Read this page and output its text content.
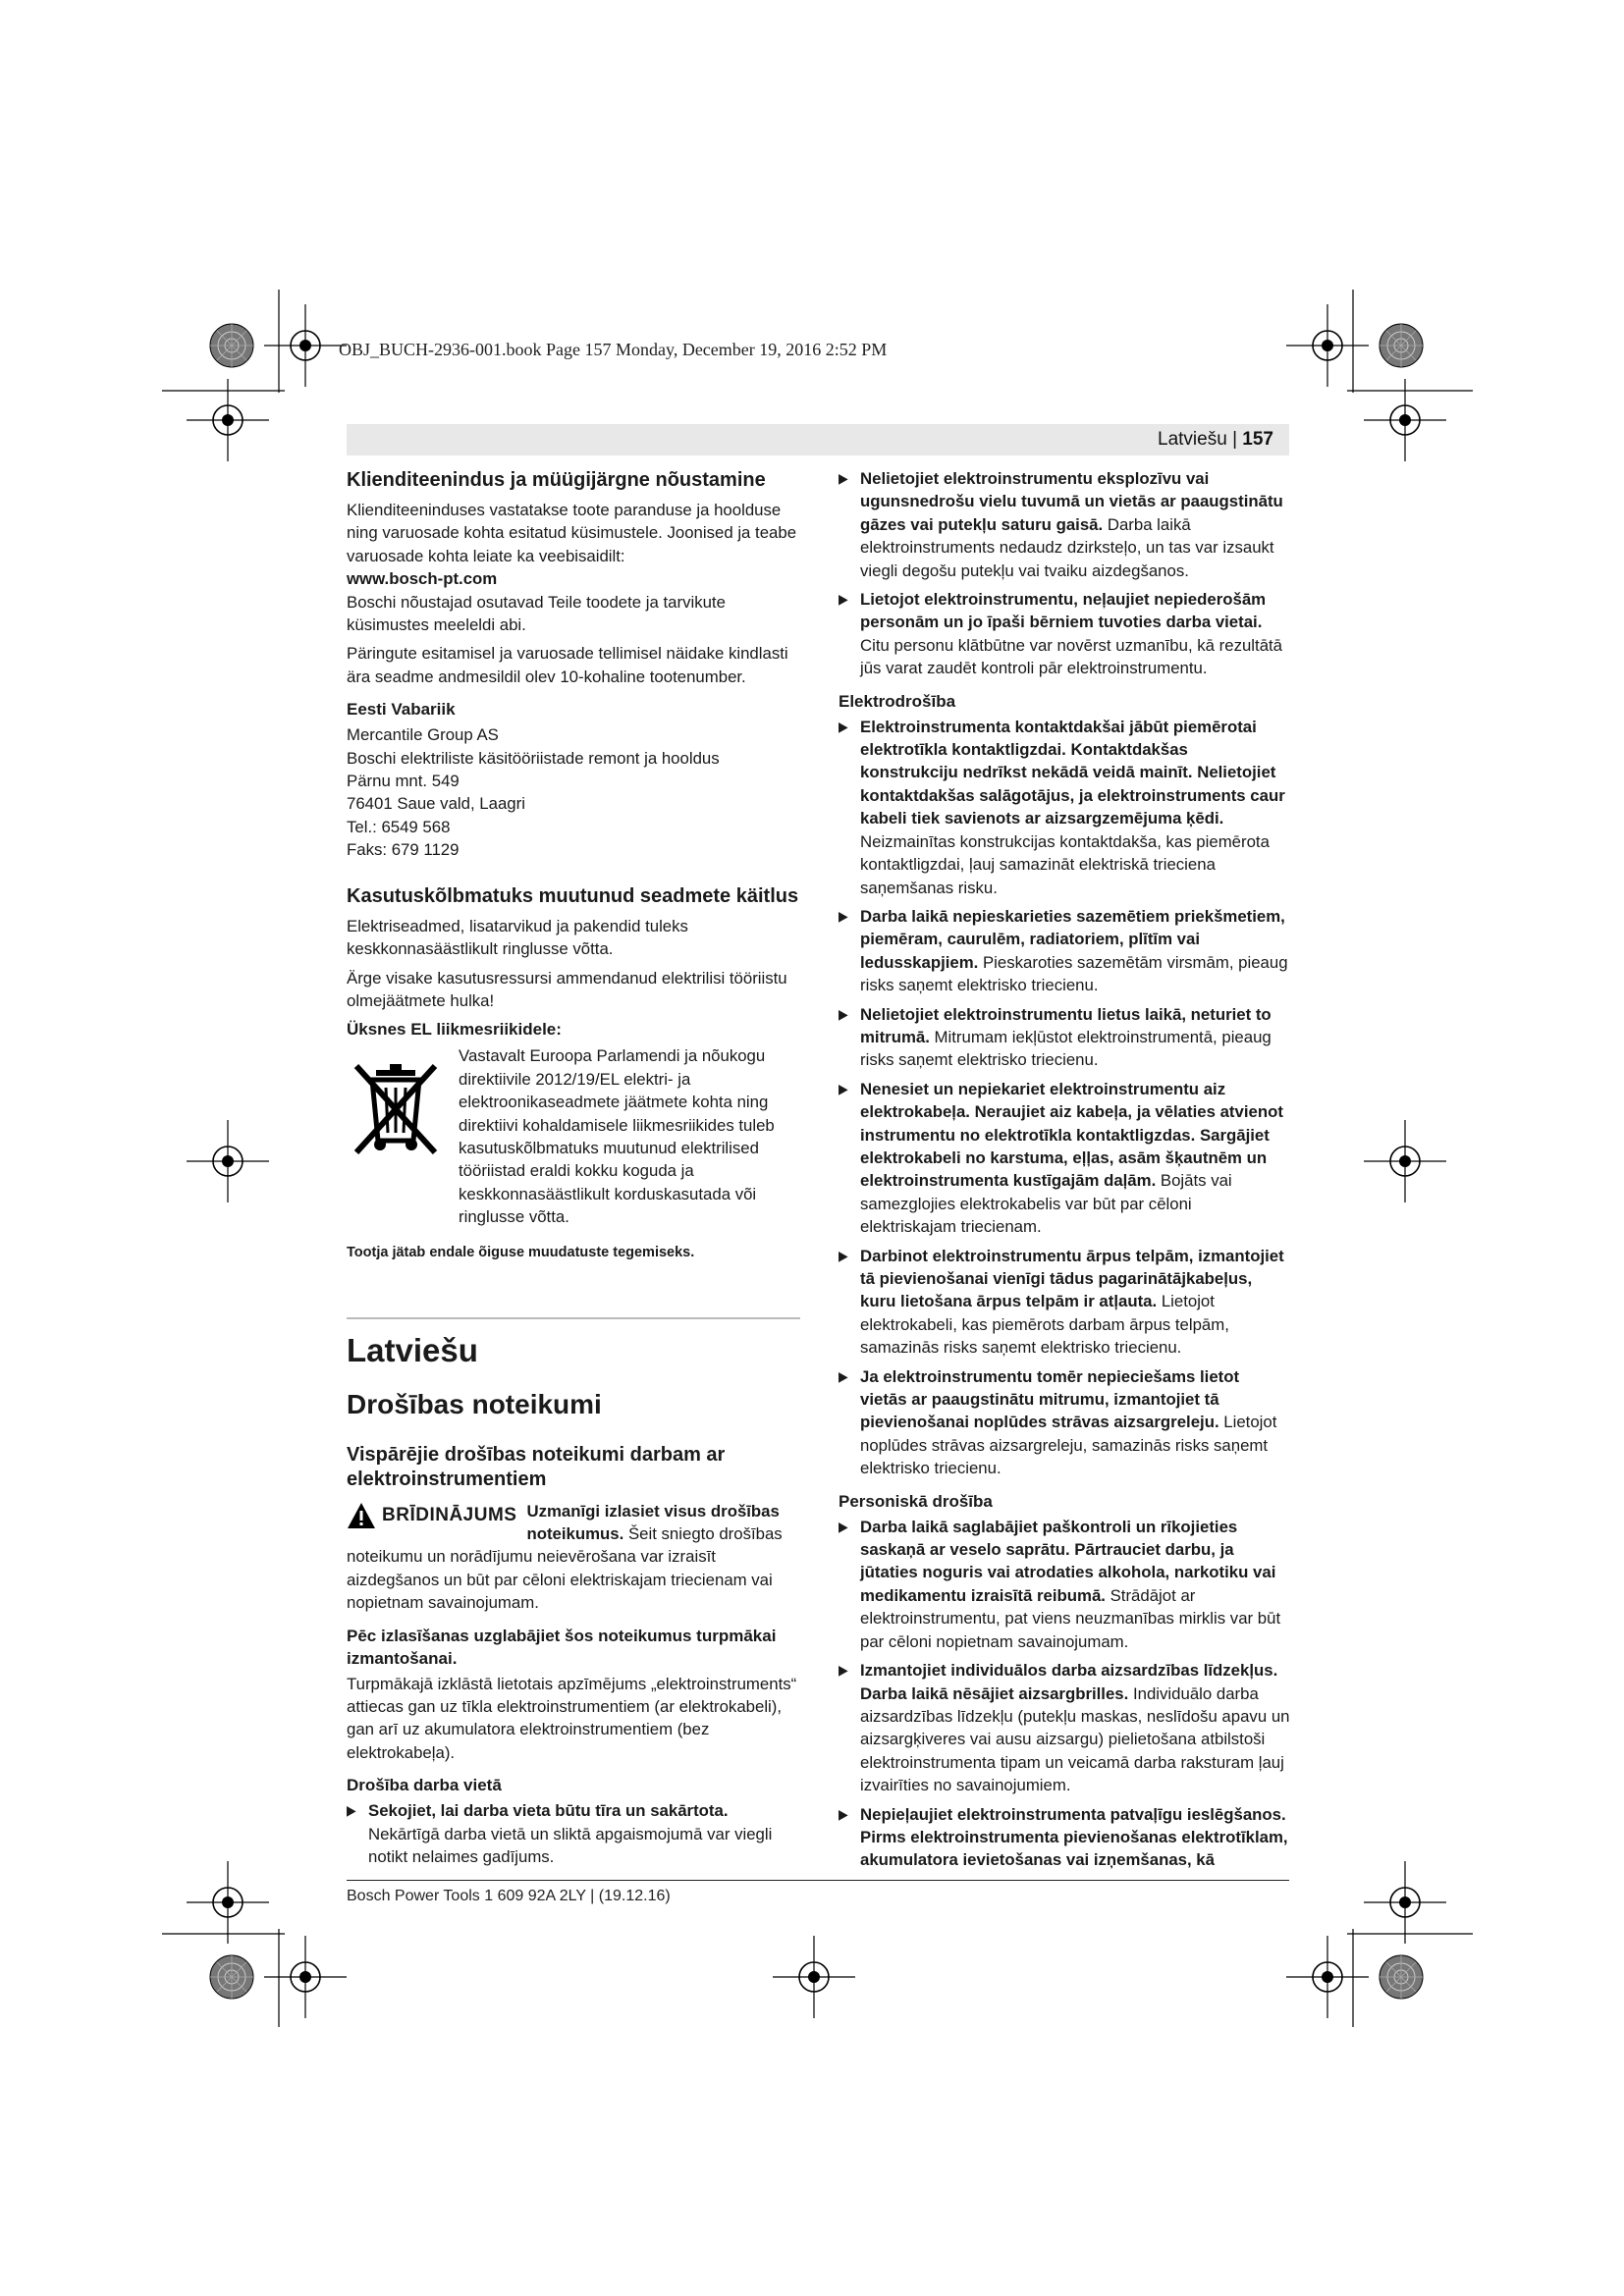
OBJ_BUCH-2936-001.book Page 157 Monday, December 19, 2016 2:52 PM
Latviešu | 157
Klienditeenindus ja müügijärgne nõustamine
Klienditeeninduses vastatakse toote paranduse ja hoolduse ning varuosade kohta esitatud küsimustele. Joonised ja teabe varuosade kohta leiate ka veebisaidilt:
www.bosch-pt.com
Boschi nõustajad osutavad Teile toodete ja tarvikute küsimustes meeleldi abi.
Päringute esitamisel ja varuosade tellimisel näidake kindlasti ära seadme andmesildil olev 10-kohaline tootenumber.
Eesti Vabariik
Mercantile Group AS
Boschi elektriliste käsitööriistade remont ja hooldus
Pärnu mnt. 549
76401 Saue vald, Laagri
Tel.: 6549 568
Faks: 679 1129
Kasutuskõlbmatuks muutunud seadmete käitlus
Elektriseadmed, lisatarvikud ja pakendid tuleks keskkonnasäästlikult ringlusse võtta.
Ärge visake kasutusressursi ammendanud elektrilisi tööriistu olmejäätmete hulka!
Üksnes EL liikmesriikidele:
Vastavalt Euroopa Parlamendi ja nõukogu direktiivile 2012/19/EL elektri- ja elektroonikaseadmete jäätmete kohta ning direktiivi kohaldamisele liikmesriikides tuleb kasutuskõlbmatuks muutunud elektrilised tööriistad eraldi kokku koguda ja keskkonnasäästlikult korduskasutada või ringlusse võtta.
Tootja jätab endale õiguse muudatuste tegemiseks.
Latviešu
Drošības noteikumi
Vispārējie drošības noteikumi darbam ar elektroinstrumentiem
BRĪDINĀJUMS Uzmanīgi izlasiet visus drošības noteikumus. Šeit sniegto drošības noteikumu un norādījumu neievērošana var izraisīt aizdegšanos un būt par cēloni elektriskajam triecienam vai nopietnam savainojumam.
Pēc izlasīšanas uzglabājiet šos noteikumus turpmākai izmantošanai.
Turpmākajā izklāstā lietotais apzīmējums „elektroinstruments“ attiecas gan uz tīkla elektroinstrumentiem (ar elektrokabeli), gan arī uz akumulatora elektroinstrumentiem (bez elektrokabeļa).
Drošība darba vietā
▶ Sekojiet, lai darba vieta būtu tīra un sakārtota. Nekārtīgā darba vietā un sliktā apgaismojumā var viegli notikt nelaimes gadījums.
▶ Nelietojiet elektroinstrumentu eksplozīvu vai ugunsnedrošu vielu tuvumā un vietās ar paaugstinātu gāzes vai putekļu saturu gaisā. Darba laikā elektroinstruments nedaudz dzirksteļo, un tas var izsaukt viegli degošu putekļu vai tvaiku aizdegšanos.
▶ Lietojot elektroinstrumentu, neļaujiet nepiederošām personām un jo īpaši bērniem tuvoties darba vietai. Citu personu klātbūtne var novērst uzmanību, kā rezultātā jūs varat zaudēt kontroli pār elektroinstrumentu.
Elektrodrošība
▶ Elektroinstrumenta kontaktdakšai jābūt piemērotai elektrotīkla kontaktligzdai. Kontaktdakšas konstrukciju nedrīkst nekādā veidā mainīt. Nelietojiet kontaktdakšas salāgotājus, ja elektroinstruments caur kabeli tiek savienots ar aizsargzemējuma ķēdi. Neizmainītas konstrukcijas kontaktdakša, kas piemērota kontaktligzdai, ļauj samazināt elektriskā trieciena saņemšanas risku.
▶ Darba laikā nepieskarieties sazemētiem priekšmetiem, piemēram, caurulēm, radiatoriem, plītīm vai ledusskapjiem. Pieskaroties sazemētām virsmām, pieaug risks saņemt elektrisko triecienu.
▶ Nelietojiet elektroinstrumentu lietus laikā, neturiet to mitrumā. Mitrumam iekļūstot elektroinstrumentā, pieaug risks saņemt elektrisko triecienu.
▶ Nenesiet un nepiekariet elektroinstrumentu aiz elektrokabeļa. Neraujiet aiz kabeļa, ja vēlaties atvienot instrumentu no elektrotīkla kontaktligzdas. Sargājiet elektrokabeli no karstuma, eļļas, asām šķautnēm un elektroinstrumenta kustīgajām daļām. Bojāts vai samezglojies elektrokabelis var būt par cēloni elektriskajam triecienam.
▶ Darbinot elektroinstrumentu ārpus telpām, izmantojiet tā pievienošanai vienīgi tādus pagarinātājkabeļus, kuru lietošana ārpus telpām ir atļauta. Lietojot elektrokabeli, kas piemērots darbam ārpus telpām, samazinās risks saņemt elektrisko triecienu.
▶ Ja elektroinstrumentu tomēr nepieciešams lietot vietās ar paaugstinātu mitrumu, izmantojiet tā pievienošanai noplūdes strāvas aizsargreleju. Lietojot noplūdes strāvas aizsargreleju, samazinās risks saņemt elektrisko triecienu.
Personiskā drošība
▶ Darba laikā saglabājiet paškontroli un rīkojieties saskaņā ar veselo saprātu. Pārtrauciet darbu, ja jūtaties noguris vai atrodaties alkohola, narkotiku vai medikamentu izraisītā reibumā. Strādājot ar elektroinstrumentu, pat viens neuzmanības mirklis var būt par cēloni nopietnam savainojumam.
▶ Izmantojiet individuālos darba aizsardzības līdzekļus. Darba laikā nēsājiet aizsargbrilles. Individuālo darba aizsardzības līdzekļu (putekļu maskas, neslīdošu apavu un aizsargķiveres vai ausu aizsargu) pielietošana atbilstoši elektroinstrumenta tipam un veicamā darba raksturam ļauj izvairīties no savainojumiem.
▶ Nepieļaujiet elektroinstrumenta patvaļīgu ieslēgšanos. Pirms elektroinstrumenta pievienošanas elektrotīklam, akumulatora ievietošanas vai izņemšanas, kā
Bosch Power Tools 1 609 92A 2LY | (19.12.16)
